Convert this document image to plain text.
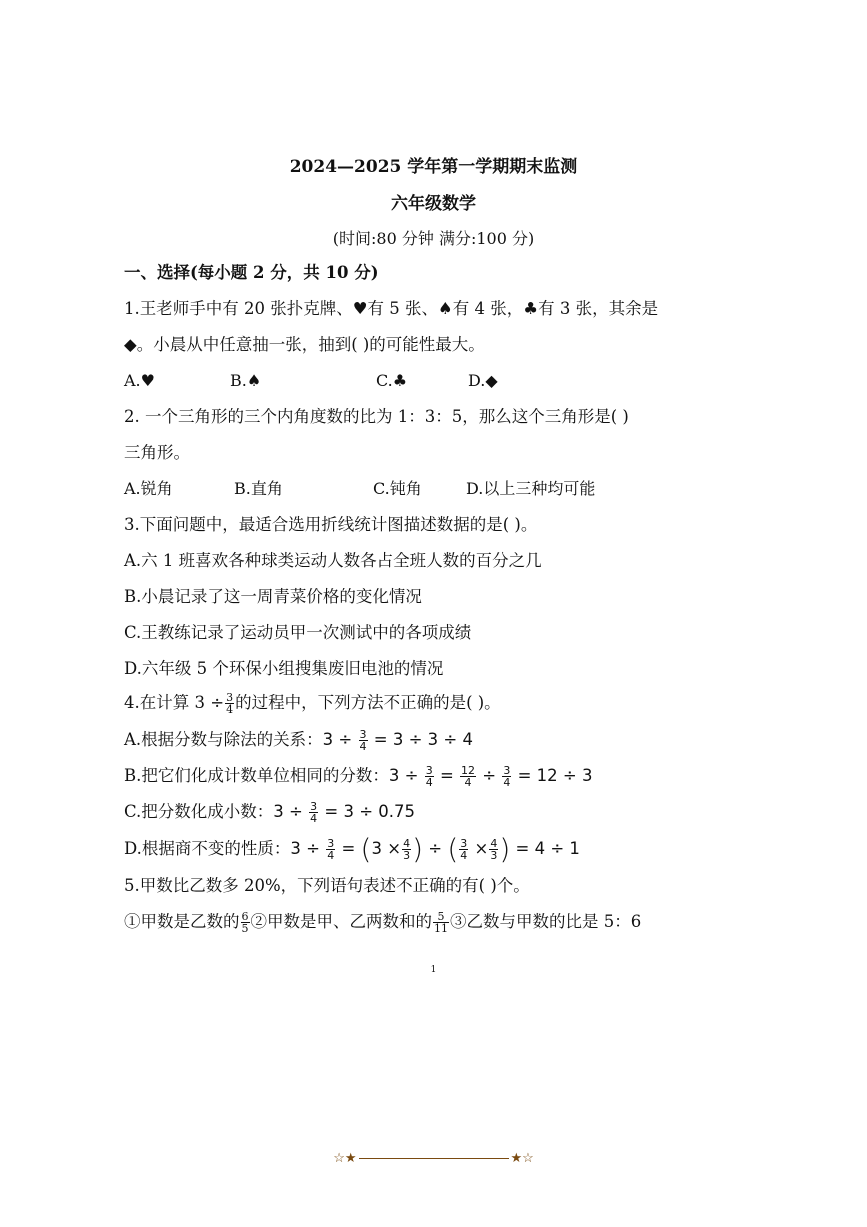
2024—2025 学年第一学期期末监测
六年级数学
(时间:80 分钟 满分:100 分)
一、选择(每小题 2 分，共 10 分)
1.王老师手中有 20 张扑克牌、♥有 5 张、♠有 4 张，♣有 3 张，其余是
◆。小晨从中任意抽一张，抽到( )的可能性最大。
A.♥	B.♠	C.♣	D.◆
2. 一个三角形的三个内角度数的比为 1：3：5，那么这个三角形是( )
三角形。
A.锐角	B.直角	C.钝角	D.以上三种均可能
3.下面问题中，最适合选用折线统计图描述数据的是( )。
A.六 1 班喜欢各种球类运动人数各占全班人数的百分之几
B.小晨记录了这一周青菜价格的变化情况
C.王教练记录了运动员甲一次测试中的各项成绩
D.六年级 5 个环保小组搜集废旧电池的情况
4.在计算 $3 \div \frac{3}{4}$ 的过程中，下列方法不正确的是( )。
A.根据分数与除法的关系：$3 \div \frac{3}{4} = 3 \div 3 \div 4$
B.把它们化成计数单位相同的分数：$3 \div \frac{3}{4} = \frac{12}{4} \div \frac{3}{4} = 12 \div 3$
C.把分数化成小数：$3 \div \frac{3}{4} = 3 \div 0.75$
D.根据商不变的性质：$3 \div \frac{3}{4} = (3 \times \frac{4}{3}$ ) ÷ ( $\frac{3}{4} \times \frac{4}{3}$ ) = 4 ÷ 1
5.甲数比乙数多 20%，下列语句表述不正确的有( )个。
①甲数是乙数的 $\frac{6}{5}$ ②甲数是甲、乙两数和的 $\frac{5}{11}$ ③乙数与甲数的比是 5：6
1
☆★	★☆
